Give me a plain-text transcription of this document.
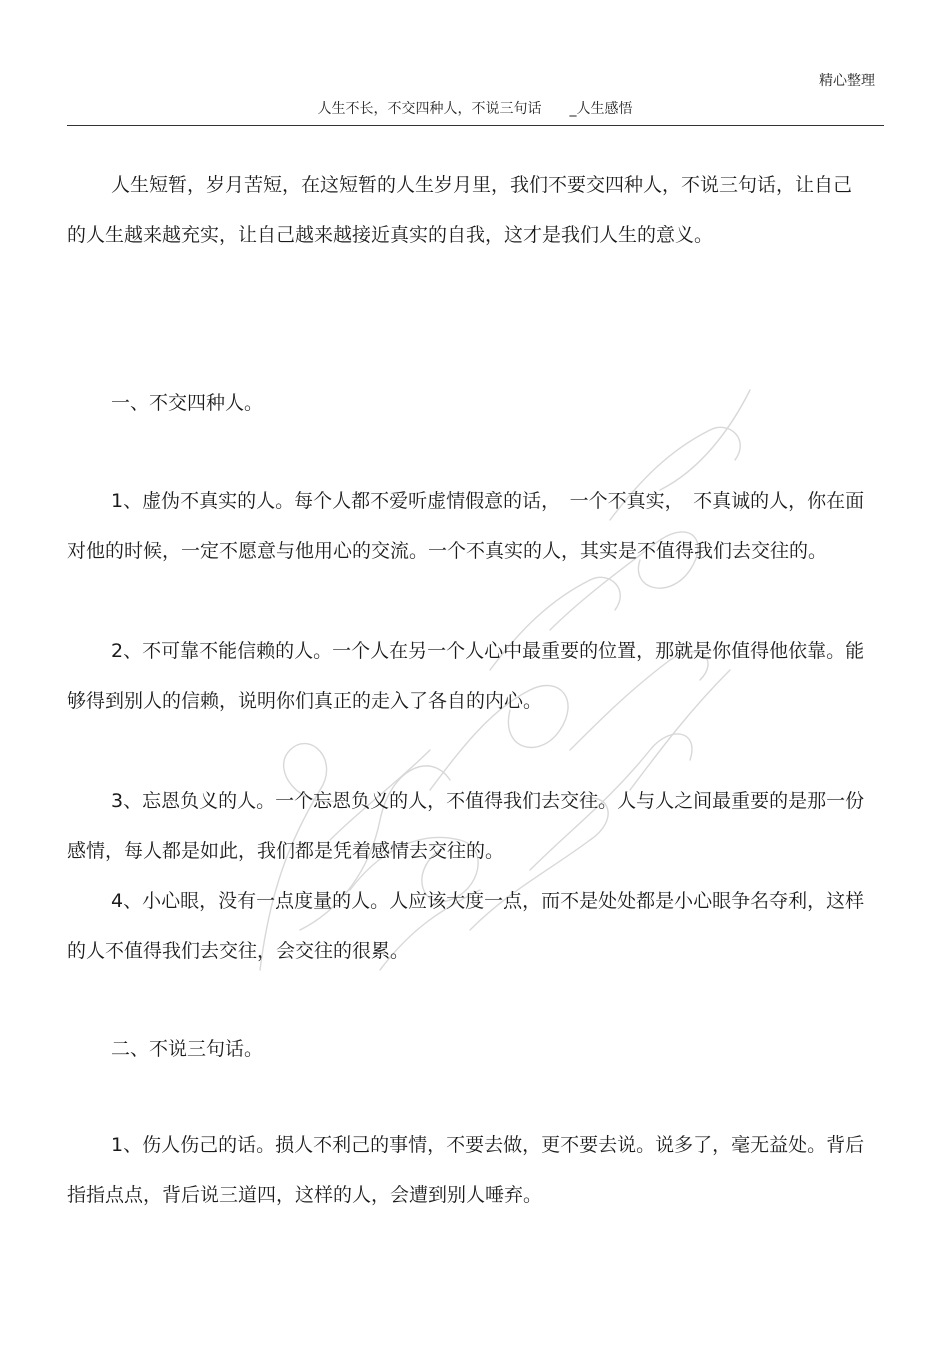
精心整理
人生不长，不交四种人，不说三句话　　_人生感悟

人生短暂，岁月苦短，在这短暂的人生岁月里，我们不要交四种人，不说三句话，让自己的人生越来越充实，让自己越来越接近真实的自我，这才是我们人生的意义。

一、不交四种人。

1、虚伪不真实的人。每个人都不爱听虚情假意的话，　一个不真实，　不真诚的人，你在面对他的时候，一定不愿意与他用心的交流。一个不真实的人，其实是不值得我们去交往的。

2、不可靠不能信赖的人。一个人在另一个人心中最重要的位置，那就是你值得他依靠。能够得到别人的信赖，说明你们真正的走入了各自的内心。

3、忘恩负义的人。一个忘恩负义的人，不值得我们去交往。人与人之间最重要的是那一份感情，每人都是如此，我们都是凭着感情去交往的。

4、小心眼，没有一点度量的人。人应该大度一点，而不是处处都是小心眼争名夺利，这样的人不值得我们去交往，会交往的很累。

二、不说三句话。

1、伤人伤己的话。损人不利己的事情，不要去做，更不要去说。说多了，毫无益处。背后指指点点，背后说三道四，这样的人，会遭到别人唾弃。
